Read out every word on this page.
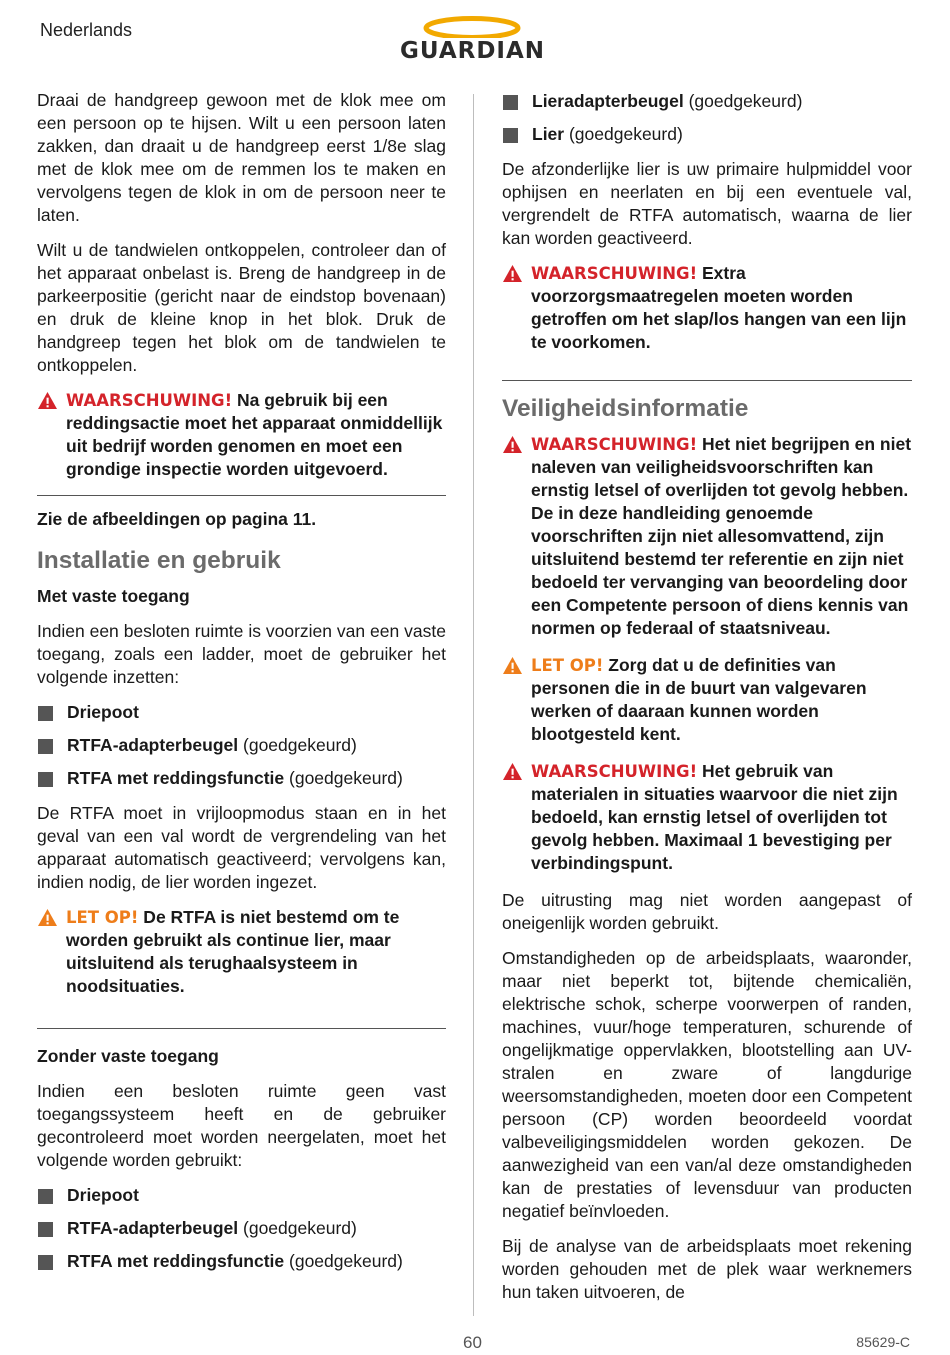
Nederlands
GUARDIAN

Draai de handgreep gewoon met de klok mee om een persoon op te hijsen. Wilt u een persoon laten zakken, dan draait u de handgreep eerst 1/8e slag met de klok mee om de remmen los te maken en vervolgens tegen de klok in om de persoon neer te laten.

Wilt u de tandwielen ontkoppelen, controleer dan of het apparaat onbelast is. Breng de handgreep in de parkeerpositie (gericht naar de eindstop bovenaan) en druk de kleine knop in het blok. Druk de handgreep tegen het blok om de tandwielen te ontkoppelen.

WAARSCHUWING! Na gebruik bij een reddingsactie moet het apparaat onmiddellijk uit bedrijf worden genomen en moet een grondige inspectie worden uitgevoerd.

Zie de afbeeldingen op pagina 11.

Installatie en gebruik
Met vaste toegang

Indien een besloten ruimte is voorzien van een vaste toegang, zoals een ladder, moet de gebruiker het volgende inzetten:

Driepoot
RTFA-adapterbeugel (goedgekeurd)
RTFA met reddingsfunctie (goedgekeurd)

De RTFA moet in vrijloopmodus staan en in het geval van een val wordt de vergrendeling van het apparaat automatisch geactiveerd; vervolgens kan, indien nodig, de lier worden ingezet.

LET OP! De RTFA is niet bestemd om te worden gebruikt als continue lier, maar uitsluitend als terughaalsysteem in noodsituaties.
Zonder vaste toegang

Indien een besloten ruimte geen vast toegangssysteem heeft en de gebruiker gecontroleerd moet worden neergelaten, moet het volgende worden gebruikt:

Driepoot
RTFA-adapterbeugel (goedgekeurd)
RTFA met reddingsfunctie (goedgekeurd)
Lieradapterbeugel (goedgekeurd)
Lier (goedgekeurd)

De afzonderlijke lier is uw primaire hulpmiddel voor ophijsen en neerlaten en bij een eventuele val, vergrendelt de RTFA automatisch, waarna de lier kan worden geactiveerd.

WAARSCHUWING! Extra voorzorgsmaatregelen moeten worden getroffen om het slap/los hangen van een lijn te voorkomen.
Veiligheidsinformatie
WAARSCHUWING! Het niet begrijpen en niet naleven van veiligheidsvoorschriften kan ernstig letsel of overlijden tot gevolg hebben. De in deze handleiding genoemde voorschriften zijn niet allesomvattend, zijn uitsluitend bestemd ter referentie en zijn niet bedoeld ter vervanging van beoordeling door een Competente persoon of diens kennis van normen op federaal of staatsniveau.
LET OP! Zorg dat u de definities van personen die in de buurt van valgevaren werken of daaraan kunnen worden blootgesteld kent.
WAARSCHUWING! Het gebruik van materialen in situaties waarvoor die niet zijn bedoeld, kan ernstig letsel of overlijden tot gevolg hebben. Maximaal 1 bevestiging per verbindingspunt.

De uitrusting mag niet worden aangepast of oneigenlijk worden gebruikt.

Omstandigheden op de arbeidsplaats, waaronder, maar niet beperkt tot, bijtende chemicaliën, elektrische schok, scherpe voorwerpen of randen, machines, vuur/hoge temperaturen, schurende of ongelijkmatige oppervlakken, blootstelling aan UV-stralen en zware of langdurige weersomstandigheden, moeten door een Competent persoon (CP) worden beoordeeld voordat valbeveiligingsmiddelen worden gekozen. De aanwezigheid van een van/al deze omstandigheden kan de prestaties of levensduur van producten negatief beïnvloeden.

Bij de analyse van de arbeidsplaats moet rekening worden gehouden met de plek waar werknemers hun taken uitvoeren, de

60	85629-C
